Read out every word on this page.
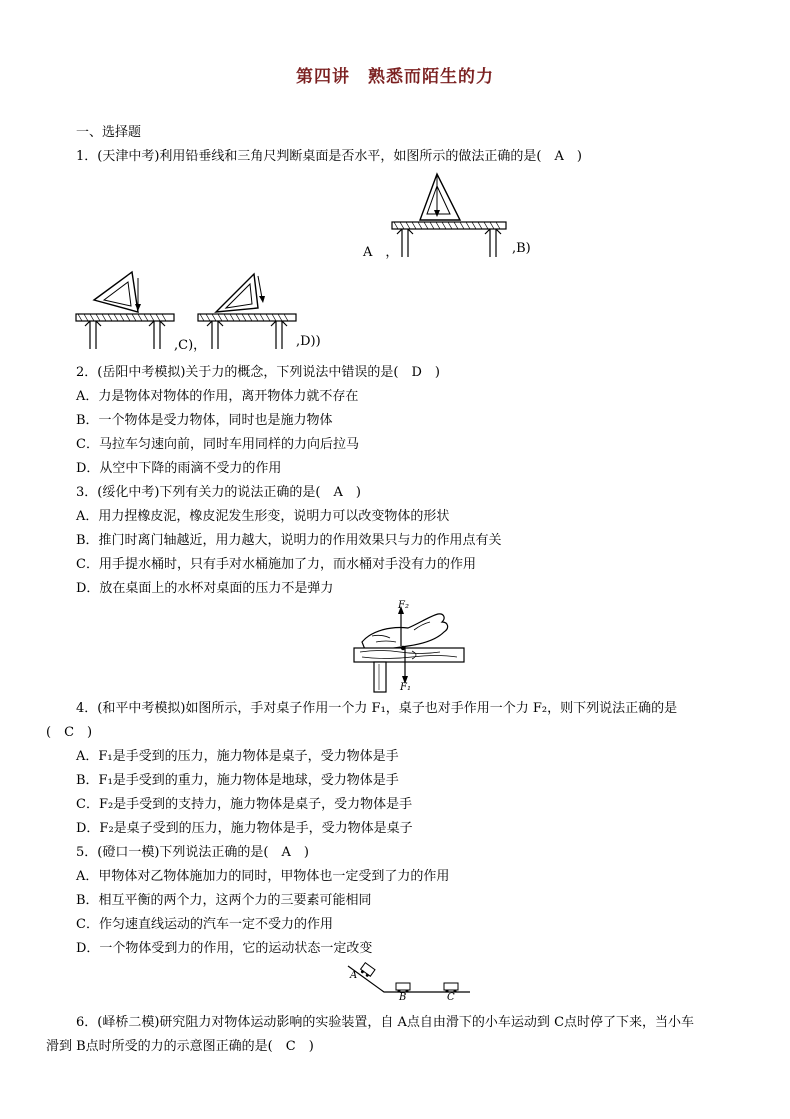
第四讲　熟悉而陌生的力
一、选择题
1．(天津中考)利用铅垂线和三角尺判断桌面是否水平，如图所示的做法正确的是(　A　)
A　，	,B)
,C)，	,D))
2．(岳阳中考模拟)关于力的概念，下列说法中错误的是(　D　)
A．力是物体对物体的作用，离开物体力就不存在
B．一个物体是受力物体，同时也是施力物体
C．马拉车匀速向前，同时车用同样的力向后拉马
D．从空中下降的雨滴不受力的作用
3．(绥化中考)下列有关力的说法正确的是(　A　)
A．用力捏橡皮泥，橡皮泥发生形变，说明力可以改变物体的形状
B．推门时离门轴越近，用力越大，说明力的作用效果只与力的作用点有关
C．用手提水桶时，只有手对水桶施加了力，而水桶对手没有力的作用
D．放在桌面上的水杯对桌面的压力不是弹力
F₂
F₁
4．(和平中考模拟)如图所示，手对桌子作用一个力 F₁，桌子也对手作用一个力 F₂，则下列说法正确的是
(　C　)
A．F₁是手受到的压力，施力物体是桌子，受力物体是手
B．F₁是手受到的重力，施力物体是地球，受力物体是手
C．F₂是手受到的支持力，施力物体是桌子，受力物体是手
D．F₂是桌子受到的压力，施力物体是手，受力物体是桌子
5．(磴口一模)下列说法正确的是(　A　)
A．甲物体对乙物体施加力的同时，甲物体也一定受到了力的作用
B．相互平衡的两个力，这两个力的三要素可能相同
C．作匀速直线运动的汽车一定不受力的作用
D．一个物体受到力的作用，它的运动状态一定改变
A
B	C
6．(峄桥二模)研究阻力对物体运动影响的实验装置，自 A点自由滑下的小车运动到 C点时停了下来，当小车
滑到 B点时所受的力的示意图正确的是(　C　)
